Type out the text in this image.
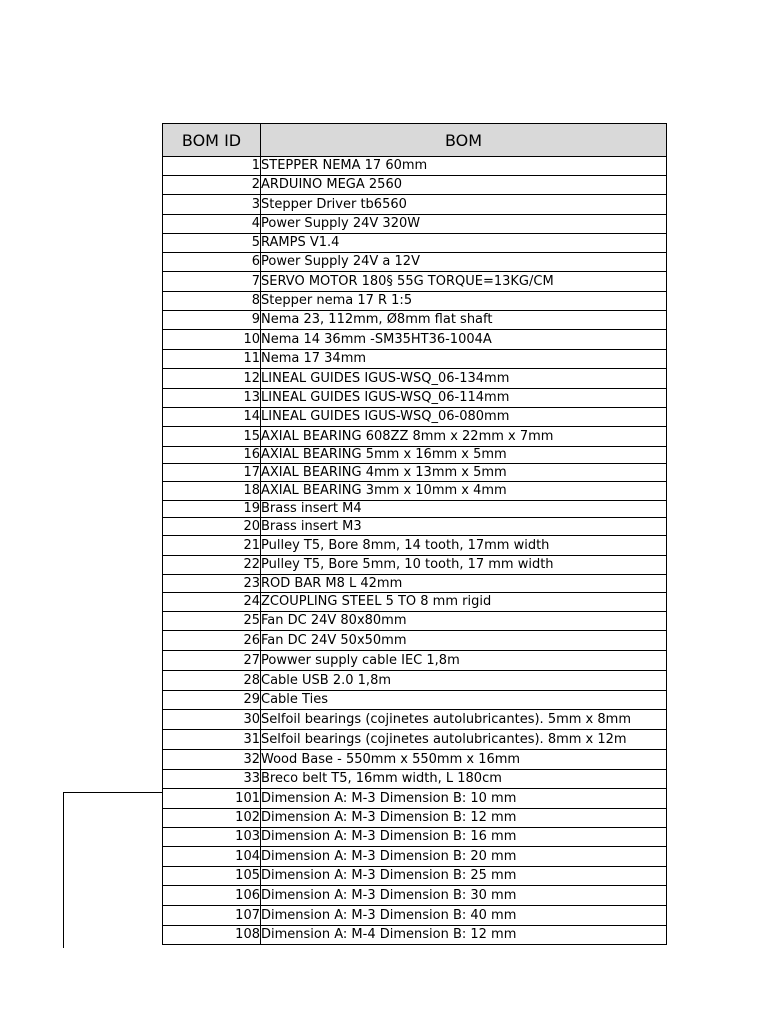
BOM ID	BOM
1	STEPPER NEMA 17 60mm
2	ARDUINO MEGA 2560
3	Stepper Driver tb6560
4	Power Supply 24V 320W
5	RAMPS V1.4
6	Power Supply 24V a 12V
7	SERVO MOTOR 180§ 55G TORQUE=13KG/CM
8	Stepper nema 17 R 1:5
9	Nema 23, 112mm, Ø8mm flat shaft
10	Nema 14 36mm -SM35HT36-1004A
11	Nema 17 34mm
12	LINEAL GUIDES IGUS-WSQ_06-134mm
13	LINEAL GUIDES IGUS-WSQ_06-114mm
14	LINEAL GUIDES IGUS-WSQ_06-080mm
15	AXIAL BEARING 608ZZ 8mm x 22mm x 7mm
16	AXIAL BEARING 5mm x 16mm x 5mm
17	AXIAL BEARING 4mm x 13mm x 5mm
18	AXIAL BEARING 3mm x 10mm x 4mm
19	Brass insert M4
20	Brass insert M3
21	Pulley T5, Bore 8mm, 14 tooth, 17mm width
22	Pulley T5, Bore 5mm, 10 tooth, 17 mm width
23	ROD BAR M8 L 42mm
24	ZCOUPLING STEEL 5 TO 8 mm rigid
25	Fan DC 24V 80x80mm
26	Fan DC 24V 50x50mm
27	Powwer supply cable IEC 1,8m
28	Cable USB 2.0 1,8m
29	Cable Ties
30	Selfoil bearings (cojinetes autolubricantes). 5mm x 8mm
31	Selfoil bearings (cojinetes autolubricantes). 8mm x 12m
32	Wood Base - 550mm x 550mm x 16mm
33	Breco belt T5, 16mm width, L 180cm
101	Dimension A: M-3 Dimension B: 10 mm
102	Dimension A: M-3 Dimension B: 12 mm
103	Dimension A: M-3 Dimension B: 16 mm
104	Dimension A: M-3 Dimension B: 20 mm
105	Dimension A: M-3 Dimension B: 25 mm
106	Dimension A: M-3 Dimension B: 30 mm
107	Dimension A: M-3 Dimension B: 40 mm
108	Dimension A: M-4 Dimension B: 12 mm
